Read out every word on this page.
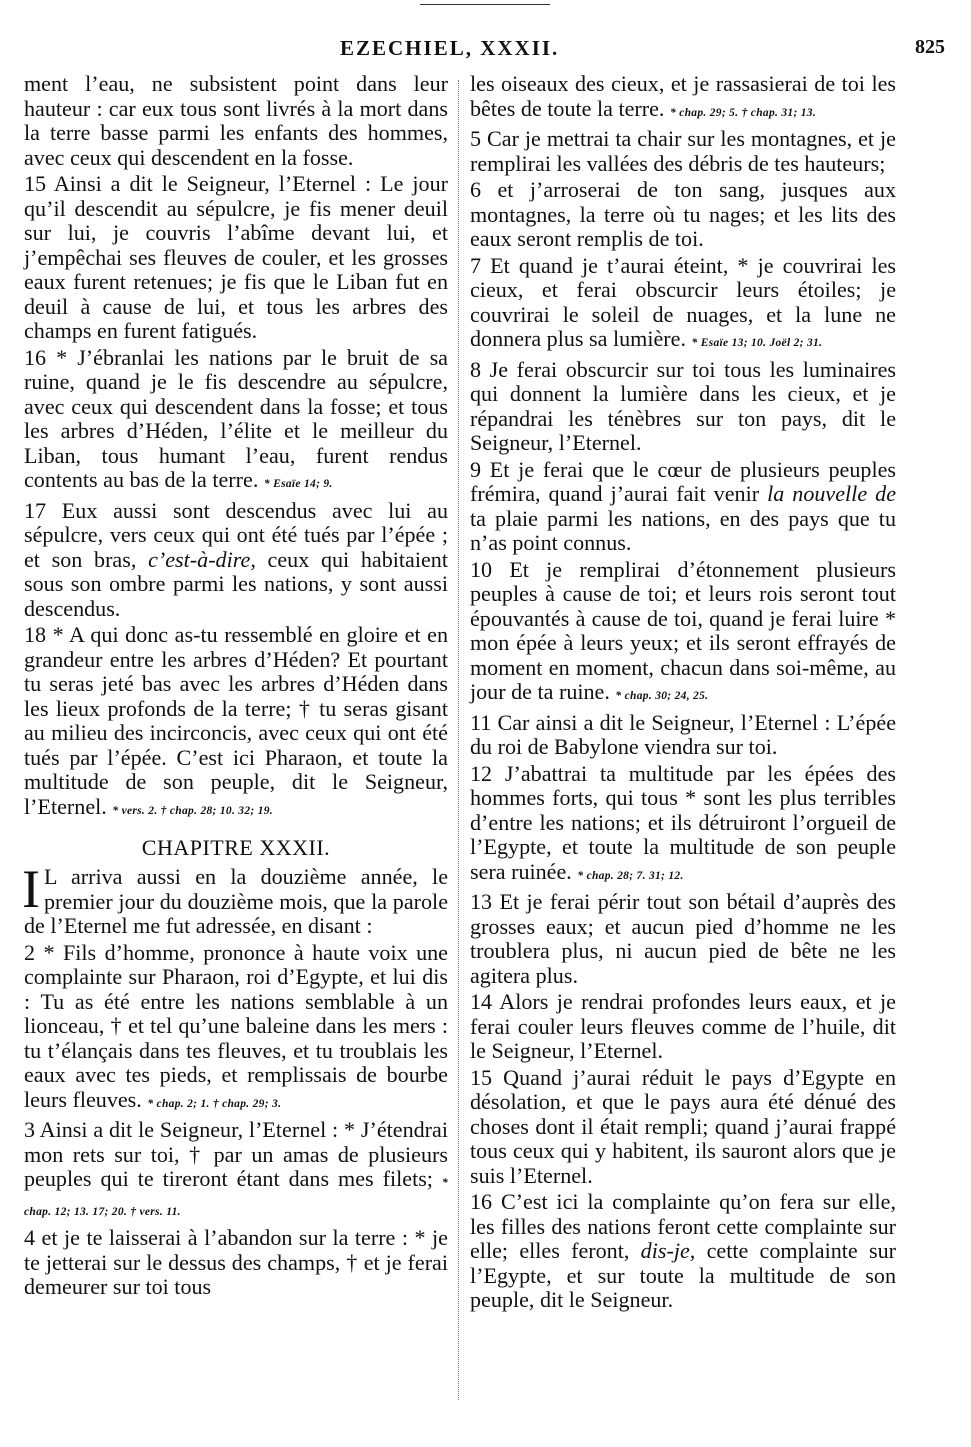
EZECHIEL, XXXII.	825

ment l’eau, ne subsistent point dans leur hauteur : car eux tous sont livrés à la mort dans la terre basse parmi les enfants des hommes, avec ceux qui descendent en la fosse.

15 Ainsi a dit le Seigneur, l’Eternel : Le jour qu’il descendit au sépulcre, je fis mener deuil sur lui, je couvris l’abîme devant lui, et j’empêchai ses fleuves de couler, et les grosses eaux furent retenues; je fis que le Liban fut en deuil à cause de lui, et tous les arbres des champs en furent fatigués.

16 * J’ébranlai les nations par le bruit de sa ruine, quand je le fis descendre au sépulcre, avec ceux qui descendent dans la fosse; et tous les arbres d’Héden, l’élite et le meilleur du Liban, tous humant l’eau, furent rendus contents au bas de la terre. * Esaïe 14; 9.

17 Eux aussi sont descendus avec lui au sépulcre, vers ceux qui ont été tués par l’épée ; et son bras, c’est-à-dire, ceux qui habitaient sous son ombre parmi les nations, y sont aussi descendus.

18 * A qui donc as-tu ressemblé en gloire et en grandeur entre les arbres d’Héden? Et pourtant tu seras jeté bas avec les arbres d’Héden dans les lieux profonds de la terre; † tu seras gisant au milieu des incirconcis, avec ceux qui ont été tués par l’épée. C’est ici Pharaon, et toute la multitude de son peuple, dit le Seigneur, l’Eternel. * vers. 2. † chap. 28; 10. 32; 19.

CHAPITRE XXXII.

I L arriva aussi en la douzième année, le premier jour du douzième mois, que la parole de l’Eternel me fut adressée, en disant :

2 * Fils d’homme, prononce à haute voix une complainte sur Pharaon, roi d’Egypte, et lui dis : Tu as été entre les nations semblable à un lionceau, † et tel qu’une baleine dans les mers : tu t’élançais dans tes fleuves, et tu troublais les eaux avec tes pieds, et remplissais de bourbe leurs fleuves. * chap. 2; 1. † chap. 29; 3.

3 Ainsi a dit le Seigneur, l’Eternel : * J’étendrai mon rets sur toi, † par un amas de plusieurs peuples qui te tireront étant dans mes filets; * chap. 12; 13. 17; 20. † vers. 11.

4 et je te laisserai à l’abandon sur la terre : * je te jetterai sur le dessus des champs, † et je ferai demeurer sur toi tous

les oiseaux des cieux, et je rassasierai de toi les bêtes de toute la terre. * chap. 29; 5. † chap. 31; 13.

5 Car je mettrai ta chair sur les montagnes, et je remplirai les vallées des débris de tes hauteurs;

6 et j’arroserai de ton sang, jusques aux montagnes, la terre où tu nages; et les lits des eaux seront remplis de toi.

7 Et quand je t’aurai éteint, * je couvrirai les cieux, et ferai obscurcir leurs étoiles; je couvrirai le soleil de nuages, et la lune ne donnera plus sa lumière. * Esaïe 13; 10. Joël 2; 31.

8 Je ferai obscurcir sur toi tous les luminaires qui donnent la lumière dans les cieux, et je répandrai les ténèbres sur ton pays, dit le Seigneur, l’Eternel.

9 Et je ferai que le cœur de plusieurs peuples frémira, quand j’aurai fait venir la nouvelle de ta plaie parmi les nations, en des pays que tu n’as point connus.

10 Et je remplirai d’étonnement plusieurs peuples à cause de toi; et leurs rois seront tout épouvantés à cause de toi, quand je ferai luire * mon épée à leurs yeux; et ils seront effrayés de moment en moment, chacun dans soi-même, au jour de ta ruine. * chap. 30; 24, 25.

11 Car ainsi a dit le Seigneur, l’Eternel : L’épée du roi de Babylone viendra sur toi.

12 J’abattrai ta multitude par les épées des hommes forts, qui tous * sont les plus terribles d’entre les nations; et ils détruiront l’orgueil de l’Egypte, et toute la multitude de son peuple sera ruinée. * chap. 28; 7. 31; 12.

13 Et je ferai périr tout son bétail d’auprès des grosses eaux; et aucun pied d’homme ne les troublera plus, ni aucun pied de bête ne les agitera plus.

14 Alors je rendrai profondes leurs eaux, et je ferai couler leurs fleuves comme de l’huile, dit le Seigneur, l’Eternel.

15 Quand j’aurai réduit le pays d’Egypte en désolation, et que le pays aura été dénué des choses dont il était rempli; quand j’aurai frappé tous ceux qui y habitent, ils sauront alors que je suis l’Eternel.

16 C’est ici la complainte qu’on fera sur elle, les filles des nations feront cette complainte sur elle; elles feront, dis-je, cette complainte sur l’Egypte, et sur toute la multitude de son peuple, dit le Seigneur.
